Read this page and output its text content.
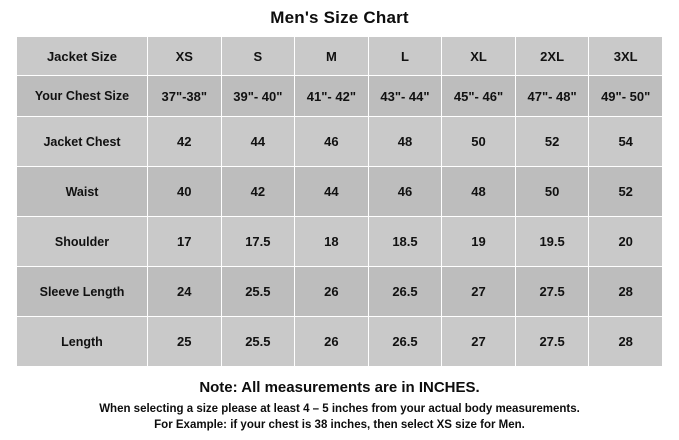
Men's Size Chart
Jacket Size	XS	S	M	L	XL	2XL	3XL
Your Chest Size	37"-38"	39"- 40"	41"- 42"	43"- 44"	45"- 46"	47"- 48"	49"- 50"
Jacket Chest	42	44	46	48	50	52	54
Waist	40	42	44	46	48	50	52
Shoulder	17	17.5	18	18.5	19	19.5	20
Sleeve Length	24	25.5	26	26.5	27	27.5	28
Length	25	25.5	26	26.5	27	27.5	28
Note: All measurements are in INCHES.
When selecting a size please at least 4 – 5 inches from your actual body measurements.
For Example: if your chest is 38 inches, then select XS size for Men.
